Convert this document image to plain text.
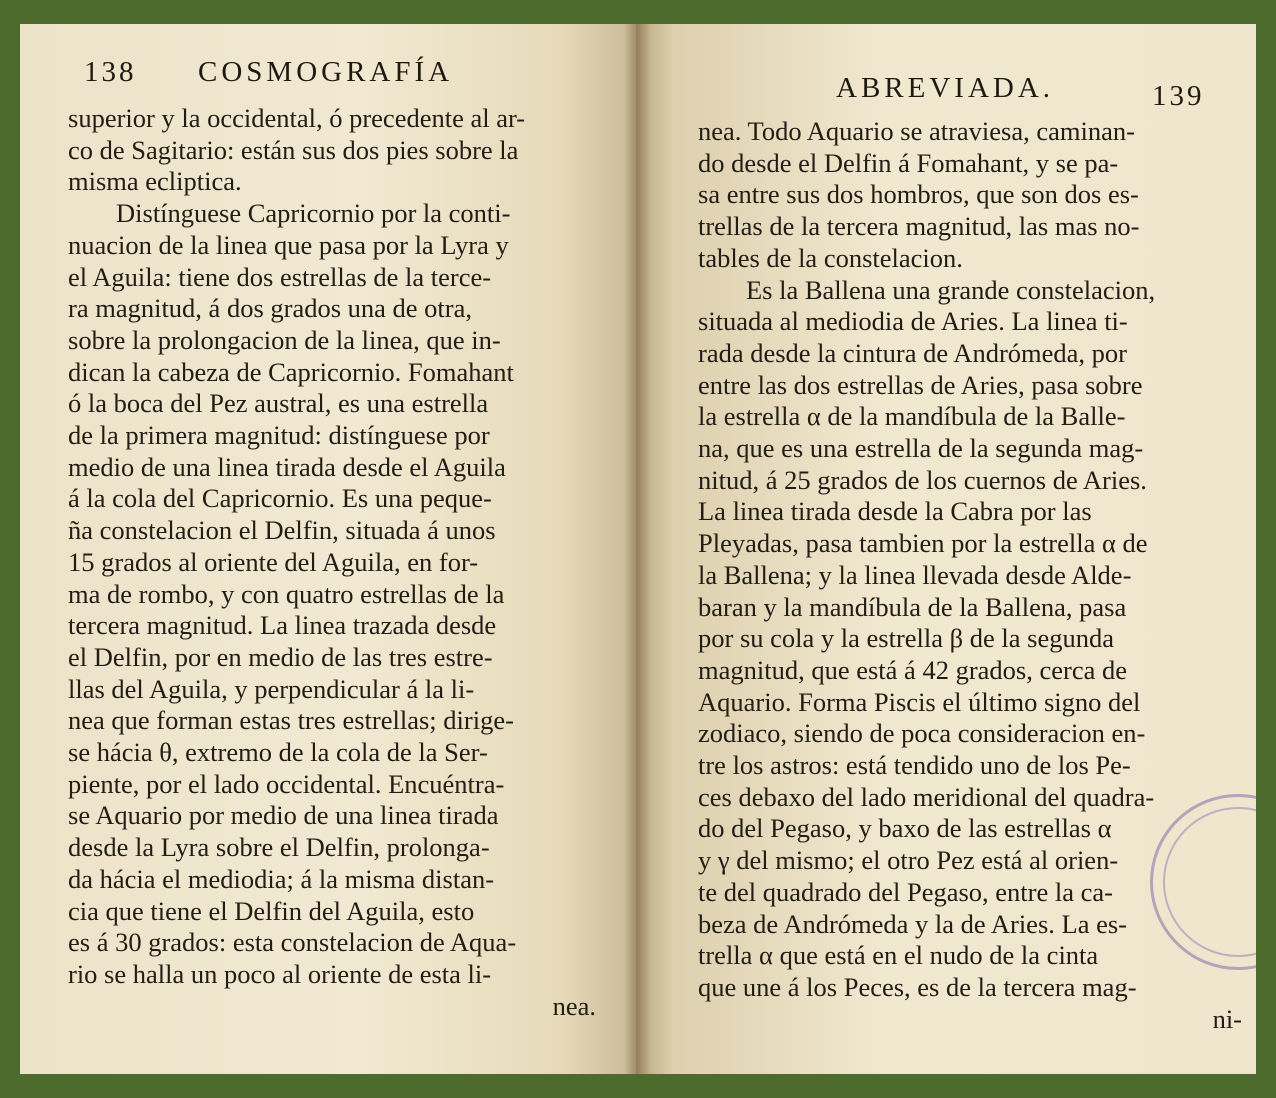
138 COSMOGRAFÍA
superior y la occidental, ó precedente al ar-
co de Sagitario: están sus dos pies sobre la
misma ecliptica.
Distínguese Capricornio por la conti-
nuacion de la linea que pasa por la Lyra y
el Aguila: tiene dos estrellas de la terce-
ra magnitud, á dos grados una de otra,
sobre la prolongacion de la linea, que in-
dican la cabeza de Capricornio. Fomahant
ó la boca del Pez austral, es una estrella
de la primera magnitud: distínguese por
medio de una linea tirada desde el Aguila
á la cola del Capricornio. Es una peque-
ña constelacion el Delfin, situada á unos
15 grados al oriente del Aguila, en for-
ma de rombo, y con quatro estrellas de la
tercera magnitud. La linea trazada desde
el Delfin, por en medio de las tres estre-
llas del Aguila, y perpendicular á la li-
nea que forman estas tres estrellas; dirige-
se hácia θ, extremo de la cola de la Ser-
piente, por el lado occidental. Encuéntra-
se Aquario por medio de una linea tirada
desde la Lyra sobre el Delfin, prolonga-
da hácia el mediodia; á la misma distan-
cia que tiene el Delfin del Aguila, esto
es á 30 grados: esta constelacion de Aqua-
rio se halla un poco al oriente de esta li-
nea.
ABREVIADA.	139
nea. Todo Aquario se atraviesa, caminan-
do desde el Delfin á Fomahant, y se pa-
sa entre sus dos hombros, que son dos es-
trellas de la tercera magnitud, las mas no-
tables de la constelacion.
Es la Ballena una grande constelacion,
situada al mediodia de Aries. La linea ti-
rada desde la cintura de Andrómeda, por
entre las dos estrellas de Aries, pasa sobre
la estrella α de la mandíbula de la Balle-
na, que es una estrella de la segunda mag-
nitud, á 25 grados de los cuernos de Aries.
La linea tirada desde la Cabra por las
Pleyadas, pasa tambien por la estrella α de
la Ballena; y la linea llevada desde Alde-
baran y la mandíbula de la Ballena, pasa
por su cola y la estrella β de la segunda
magnitud, que está á 42 grados, cerca de
Aquario. Forma Piscis el último signo del
zodiaco, siendo de poca consideracion en-
tre los astros: está tendido uno de los Pe-
ces debaxo del lado meridional del quadra-
do del Pegaso, y baxo de las estrellas α
y γ del mismo; el otro Pez está al orien-
te del quadrado del Pegaso, entre la ca-
beza de Andrómeda y la de Aries. La es-
trella α que está en el nudo de la cinta
que une á los Peces, es de la tercera mag-
ni-
